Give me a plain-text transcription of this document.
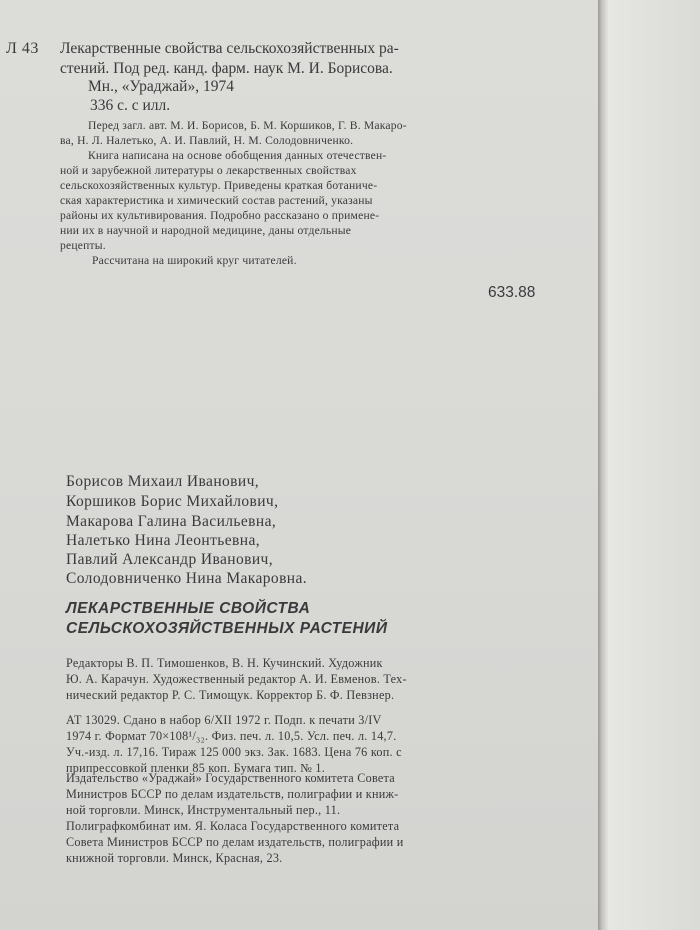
Л 43 Лекарственные свойства сельскохозяйственных ра-
стений. Под ред. канд. фарм. наук М. И. Борисова.
Мн., «Ураджай», 1974
336 с. с илл.
Перед загл. авт. М. И. Борисов, Б. М. Коршиков, Г. В. Макаро-
ва, Н. Л. Налетько, А. И. Павлий, Н. М. Солодовниченко.
Книга написана на основе обобщения данных отечествен-
ной и зарубежной литературы о лекарственных свойствах
сельскохозяйственных культур. Приведены краткая ботаниче-
ская характеристика и химический состав растений, указаны
районы их культивирования. Подробно рассказано о примене-
нии их в научной и народной медицине, даны отдельные
рецепты.
Рассчитана на широкий круг читателей.
633.88
Борисов Михаил Иванович,
Коршиков Борис Михайлович,
Макарова Галина Васильевна,
Налетько Нина Леонтьевна,
Павлий Александр Иванович,
Солодовниченко Нина Макаровна.
ЛЕКАРСТВЕННЫЕ СВОЙСТВА
СЕЛЬСКОХОЗЯЙСТВЕННЫХ РАСТЕНИЙ
Редакторы В. П. Тимошенков, В. Н. Кучинский. Художник
Ю. А. Карачун. Художественный редактор А. И. Евменов. Тех-
нический редактор Р. С. Тимощук. Корректор Б. Ф. Певзнер.
АТ 13029. Сдано в набор 6/XII 1972 г. Подп. к печати 3/IV
1974 г. Формат 70×108¹/₃₂. Физ. печ. л. 10,5. Усл. печ. л. 14,7.
Уч.-изд. л. 17,16. Тираж 125 000 экз. Зак. 1683. Цена 76 коп. с
припрессовкой пленки 85 коп. Бумага тип. № 1.
Издательство «Ураджай» Государственного комитета Совета
Министров БССР по делам издательств, полиграфии и книж-
ной торговли. Минск, Инструментальный пер., 11.
Полиграфкомбинат им. Я. Коласа Государственного комитета
Совета Министров БССР по делам издательств, полиграфии и
книжной торговли. Минск, Красная, 23.
